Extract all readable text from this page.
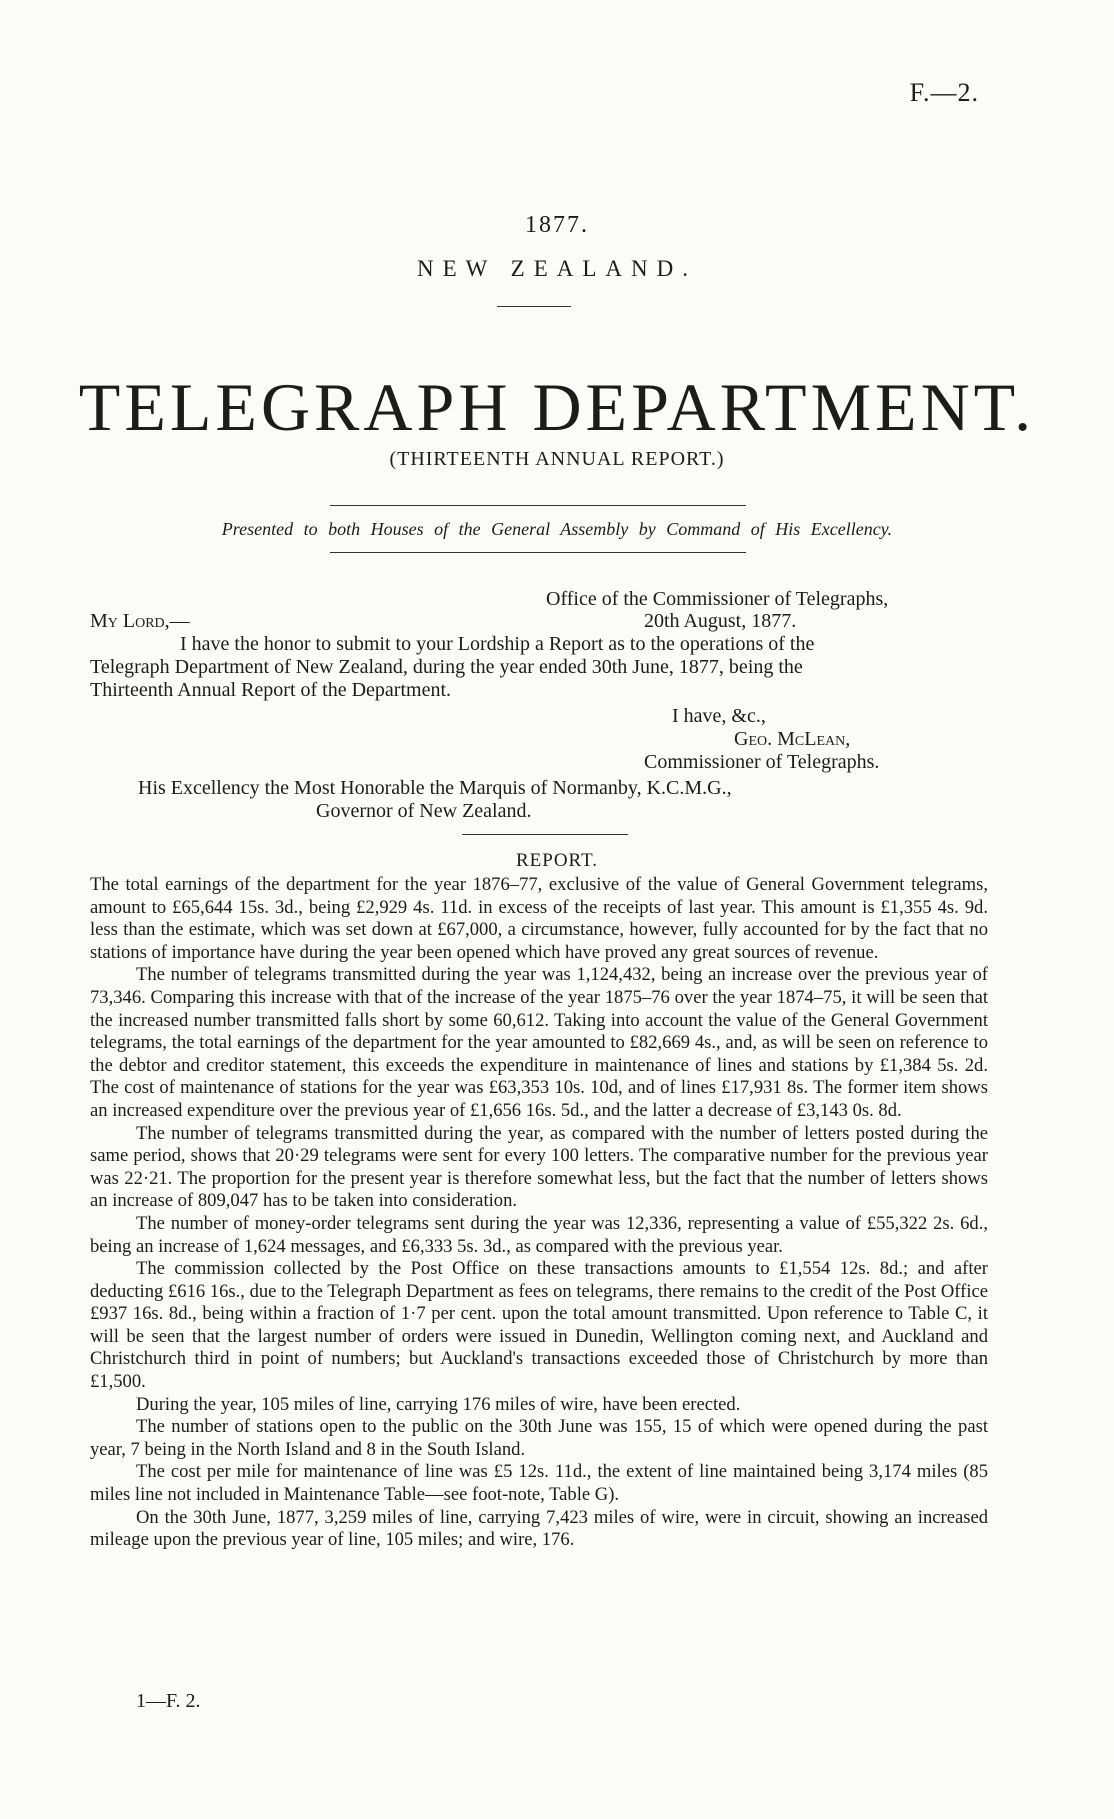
F.—2.
1877.
NEW ZEALAND.
TELEGRAPH DEPARTMENT.
(THIRTEENTH ANNUAL REPORT.)
Presented to both Houses of the General Assembly by Command of His Excellency.
Office of the Commissioner of Telegraphs,
My Lord,—	20th August, 1877.
I have the honor to submit to your Lordship a Report as to the operations of the
Telegraph Department of New Zealand, during the year ended 30th June, 1877, being the
Thirteenth Annual Report of the Department.
I have, &c.,
Geo. McLean,
Commissioner of Telegraphs.
His Excellency the Most Honorable the Marquis of Normanby, K.C.M.G.,
Governor of New Zealand.
REPORT.

The total earnings of the department for the year 1876–77, exclusive of the value of General Government telegrams, amount to £65,644 15s. 3d., being £2,929 4s. 11d. in excess of the receipts of last year. This amount is £1,355 4s. 9d. less than the estimate, which was set down at £67,000, a circumstance, however, fully accounted for by the fact that no stations of importance have during the year been opened which have proved any great sources of revenue.

The number of telegrams transmitted during the year was 1,124,432, being an increase over the previous year of 73,346. Comparing this increase with that of the increase of the year 1875–76 over the year 1874–75, it will be seen that the increased number transmitted falls short by some 60,612. Taking into account the value of the General Government telegrams, the total earnings of the department for the year amounted to £82,669 4s., and, as will be seen on reference to the debtor and creditor statement, this exceeds the expenditure in maintenance of lines and stations by £1,384 5s. 2d. The cost of maintenance of stations for the year was £63,353 10s. 10d, and of lines £17,931 8s. The former item shows an increased expenditure over the previous year of £1,656 16s. 5d., and the latter a decrease of £3,143 0s. 8d.

The number of telegrams transmitted during the year, as compared with the number of letters posted during the same period, shows that 20·29 telegrams were sent for every 100 letters. The comparative number for the previous year was 22·21. The proportion for the present year is therefore somewhat less, but the fact that the number of letters shows an increase of 809,047 has to be taken into consideration.

The number of money-order telegrams sent during the year was 12,336, representing a value of £55,322 2s. 6d., being an increase of 1,624 messages, and £6,333 5s. 3d., as compared with the previous year.

The commission collected by the Post Office on these transactions amounts to £1,554 12s. 8d.; and after deducting £616 16s., due to the Telegraph Department as fees on telegrams, there remains to the credit of the Post Office £937 16s. 8d., being within a fraction of 1·7 per cent. upon the total amount transmitted. Upon reference to Table C, it will be seen that the largest number of orders were issued in Dunedin, Wellington coming next, and Auckland and Christchurch third in point of numbers; but Auckland's transactions exceeded those of Christchurch by more than £1,500.

During the year, 105 miles of line, carrying 176 miles of wire, have been erected.

The number of stations open to the public on the 30th June was 155, 15 of which were opened during the past year, 7 being in the North Island and 8 in the South Island.

The cost per mile for maintenance of line was £5 12s. 11d., the extent of line maintained being 3,174 miles (85 miles line not included in Maintenance Table—see foot-note, Table G).

On the 30th June, 1877, 3,259 miles of line, carrying 7,423 miles of wire, were in circuit, showing an increased mileage upon the previous year of line, 105 miles; and wire, 176.

1—F. 2.
